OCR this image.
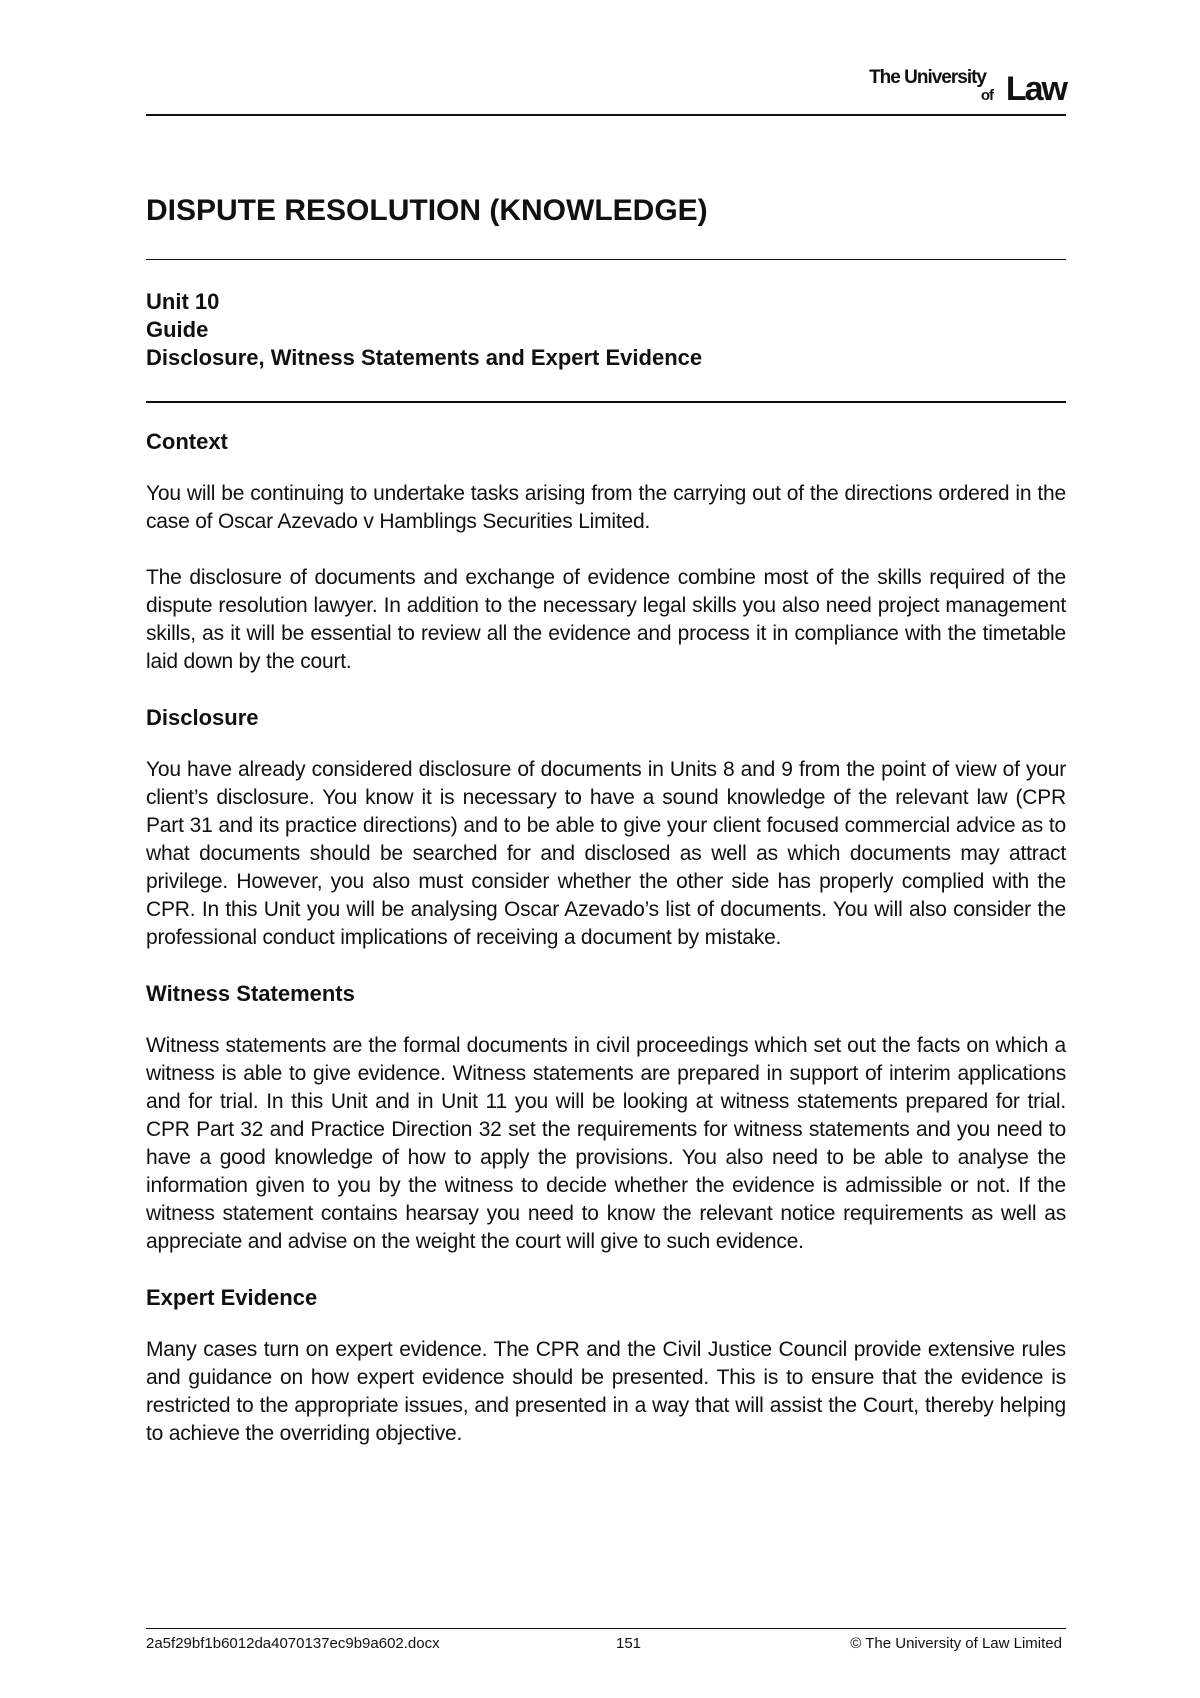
The University
of Law
DISPUTE RESOLUTION (KNOWLEDGE)
Unit 10
Guide
Disclosure, Witness Statements and Expert Evidence
Context

You will be continuing to undertake tasks arising from the carrying out of the directions ordered in the case of Oscar Azevado v Hamblings Securities Limited.

The disclosure of documents and exchange of evidence combine most of the skills required of the dispute resolution lawyer. In addition to the necessary legal skills you also need project management skills, as it will be essential to review all the evidence and process it in compliance with the timetable laid down by the court.

Disclosure

You have already considered disclosure of documents in Units 8 and 9 from the point of view of your client’s disclosure. You know it is necessary to have a sound knowledge of the relevant law (CPR Part 31 and its practice directions) and to be able to give your client focused commercial advice as to what documents should be searched for and disclosed as well as which documents may attract privilege. However, you also must consider whether the other side has properly complied with the CPR. In this Unit you will be analysing Oscar Azevado’s list of documents. You will also consider the professional conduct implications of receiving a document by mistake.

Witness Statements

Witness statements are the formal documents in civil proceedings which set out the facts on which a witness is able to give evidence. Witness statements are prepared in support of interim applications and for trial. In this Unit and in Unit 11 you will be looking at witness statements prepared for trial. CPR Part 32 and Practice Direction 32 set the requirements for witness statements and you need to have a good knowledge of how to apply the provisions. You also need to be able to analyse the information given to you by the witness to decide whether the evidence is admissible or not. If the witness statement contains hearsay you need to know the relevant notice requirements as well as appreciate and advise on the weight the court will give to such evidence.

Expert Evidence

Many cases turn on expert evidence. The CPR and the Civil Justice Council provide extensive rules and guidance on how expert evidence should be presented. This is to ensure that the evidence is restricted to the appropriate issues, and presented in a way that will assist the Court, thereby helping to achieve the overriding objective.

2a5f29bf1b6012da4070137ec9b9a602.docx	151	© The University of Law Limited
